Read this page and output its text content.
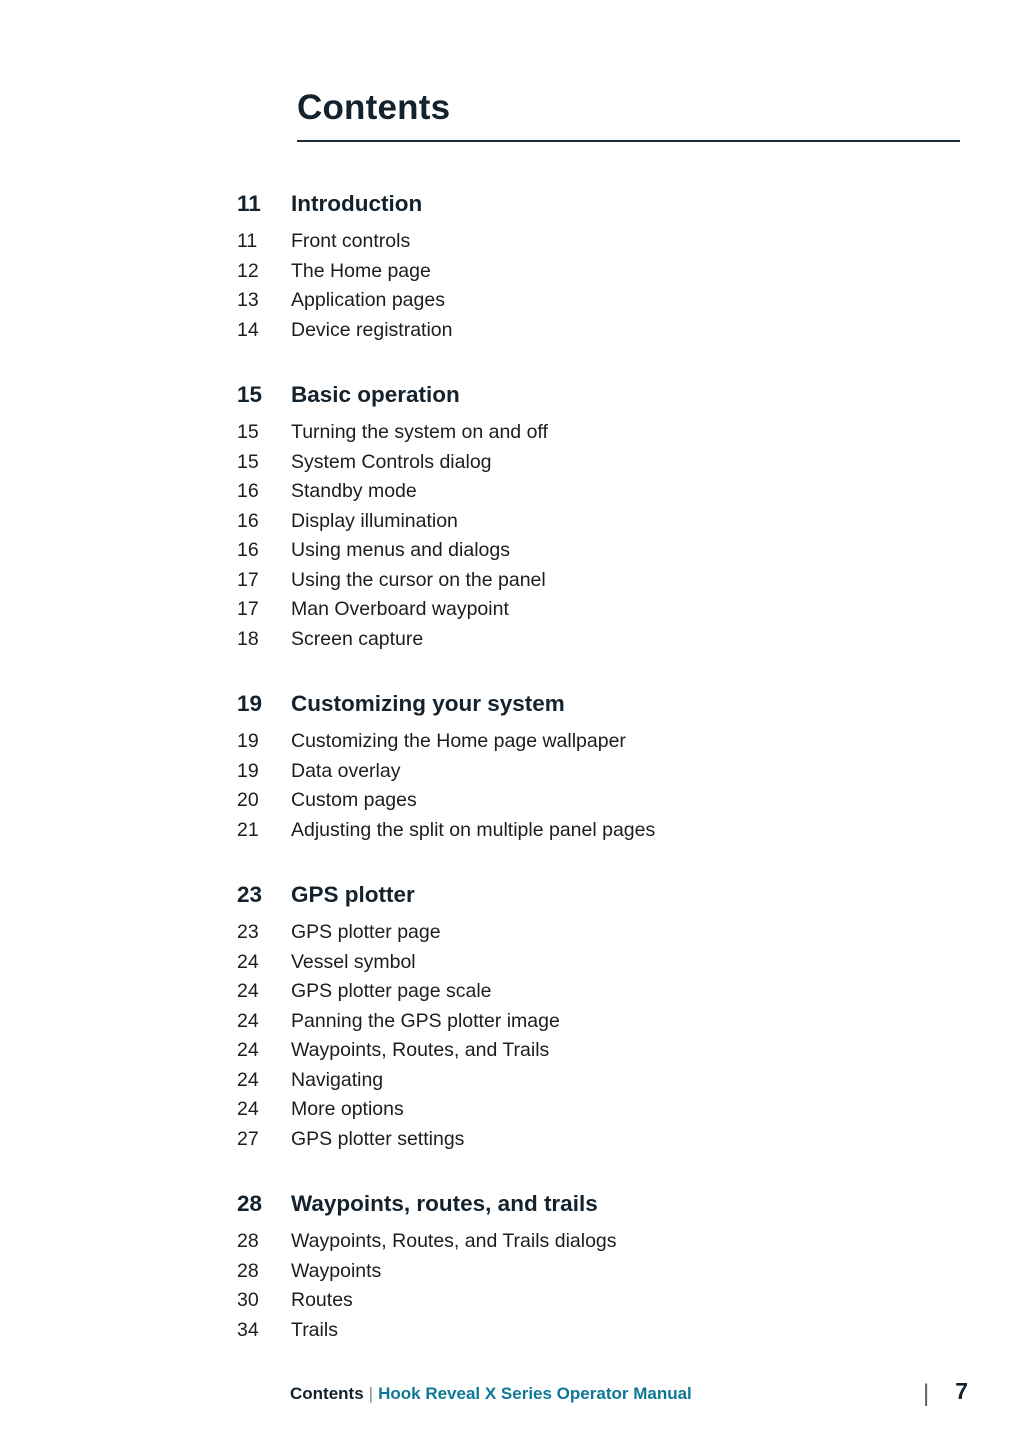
Contents
11	Introduction
11	Front controls
12	The Home page
13	Application pages
14	Device registration
15	Basic operation
15	Turning the system on and off
15	System Controls dialog
16	Standby mode
16	Display illumination
16	Using menus and dialogs
17	Using the cursor on the panel
17	Man Overboard waypoint
18	Screen capture
19	Customizing your system
19	Customizing the Home page wallpaper
19	Data overlay
20	Custom pages
21	Adjusting the split on multiple panel pages
23	GPS plotter
23	GPS plotter page
24	Vessel symbol
24	GPS plotter page scale
24	Panning the GPS plotter image
24	Waypoints, Routes, and Trails
24	Navigating
24	More options
27	GPS plotter settings
28	Waypoints, routes, and trails
28	Waypoints, Routes, and Trails dialogs
28	Waypoints
30	Routes
34	Trails
Contents | Hook Reveal X Series Operator Manual	| 7
